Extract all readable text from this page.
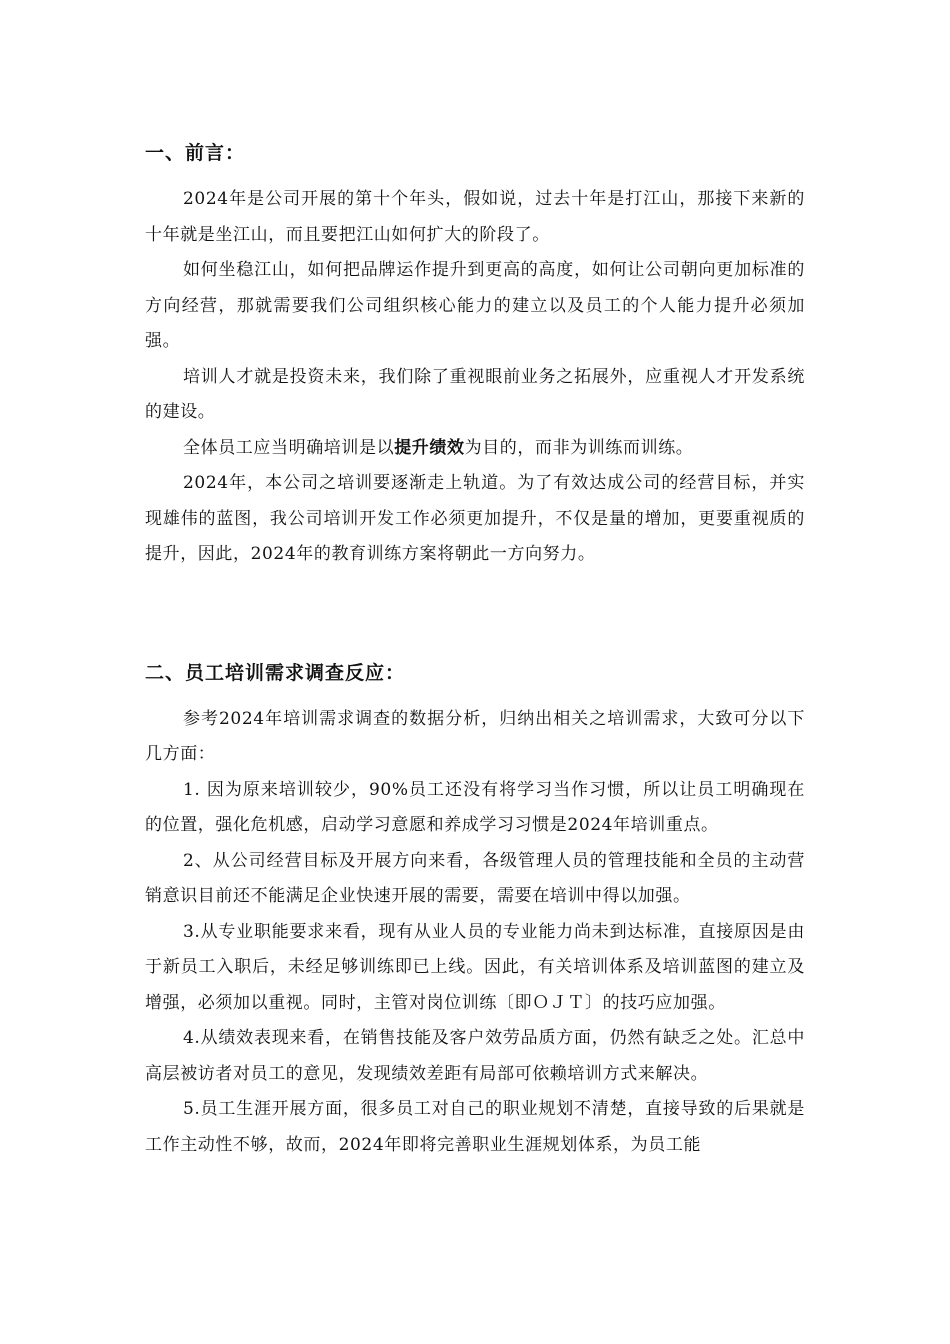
一、前言：

2024年是公司开展的第十个年头，假如说，过去十年是打江山，那接下来新的十年就是坐江山，而且要把江山如何扩大的阶段了。

如何坐稳江山，如何把品牌运作提升到更高的高度，如何让公司朝向更加标准的方向经营，那就需要我们公司组织核心能力的建立以及员工的个人能力提升必须加强。

培训人才就是投资未来，我们除了重视眼前业务之拓展外，应重视人才开发系统的建设。

全体员工应当明确培训是以提升绩效为目的，而非为训练而训练。

2024年，本公司之培训要逐渐走上轨道。为了有效达成公司的经营目标，并实现雄伟的蓝图，我公司培训开发工作必须更加提升，不仅是量的增加，更要重视质的提升，因此，2024年的教育训练方案将朝此一方向努力。

二、员工培训需求调查反应：

参考2024年培训需求调查的数据分析，归纳出相关之培训需求，大致可分以下几方面：

1. 因为原来培训较少，90%员工还没有将学习当作习惯，所以让员工明确现在的位置，强化危机感，启动学习意愿和养成学习习惯是2024年培训重点。

2、从公司经营目标及开展方向来看，各级管理人员的管理技能和全员的主动营销意识目前还不能满足企业快速开展的需要，需要在培训中得以加强。

3.从专业职能要求来看，现有从业人员的专业能力尚未到达标准，直接原因是由于新员工入职后，未经足够训练即已上线。因此，有关培训体系及培训蓝图的建立及增强，必须加以重视。同时，主管对岗位训练〔即ＯＪＴ〕的技巧应加强。

4.从绩效表现来看，在销售技能及客户效劳品质方面，仍然有缺乏之处。汇总中高层被访者对员工的意见，发现绩效差距有局部可依赖培训方式来解决。

5.员工生涯开展方面，很多员工对自己的职业规划不清楚，直接导致的后果就是工作主动性不够，故而，2024年即将完善职业生涯规划体系，为员工能
